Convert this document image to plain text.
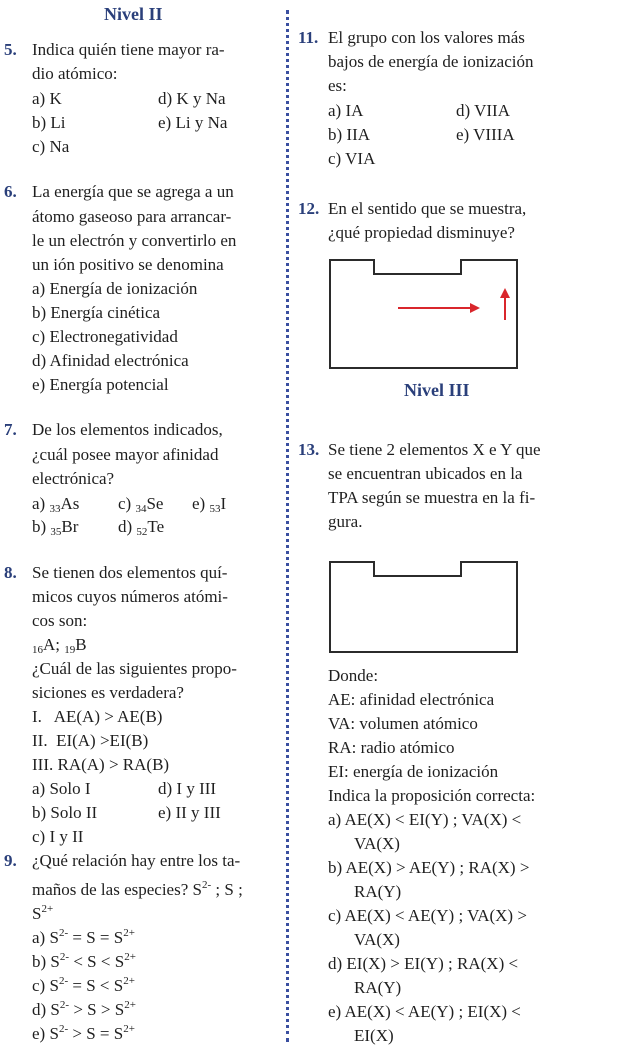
Nivel II
5. Indica quién tiene mayor ra-
dio atómico:
a) K	d) K y Na
b) Li	e) Li y Na
c) Na
6. La energía que se agrega a un
átomo gaseoso para arrancar-
le un electrón y convertirlo en
un ión positivo se denomina
a) Energía de ionización
b) Energía cinética
c) Electronegatividad
d) Afinidad electrónica
e) Energía potencial
7. De los elementos indicados,
¿cuál posee mayor afinidad
electrónica?
a) $_{33}$As c) $_{34}$Se e) $_{53}$I
b) $_{35}$Br d) $_{52}$Te
8. Se tienen dos elementos quí-
micos cuyos números atómi-
cos son:
$_{16}$A; $_{19}$B
¿Cuál de las siguientes propo-
siciones es verdadera?
I.   AE(A) > AE(B)
II.  EI(A) >EI(B)
III. RA(A) > RA(B)
a) Solo I	d) I y III
b) Solo II	e) II y III
c) I y II
9. ¿Qué relación hay entre los ta-
maños de las especies? $S^{2-}$ ; S ;
$S^{2+}$
a) $S^{2-} = S = S^{2+}$
b) $S^{2-} < S < S^{2+}$
c) $S^{2-} = S < S^{2+}$
d) $S^{2-} > S > S^{2+}$
e) $S^{2-} > S = S^{2+}$
11. El grupo con los valores más
bajos de energía de ionización
es:
a) IA	d) VIIA
b) IIA	e) VIIIA
c) VIA
12. En el sentido que se muestra,
¿qué propiedad disminuye?
Nivel III
13. Se tiene 2 elementos X e Y que
se encuentran ubicados en la
TPA según se muestra en la fi-
gura.
Donde:
AE: afinidad electrónica
VA: volumen atómico
RA: radio atómico
EI: energía de ionización
Indica la proposición correcta:
a) AE(X) < EI(Y) ; VA(X) <
VA(X)
b) AE(X) > AE(Y) ; RA(X) >
RA(Y)
c) AE(X) < AE(Y) ; VA(X) >
VA(X)
d) EI(X) > EI(Y) ; RA(X) <
RA(Y)
e) AE(X) < AE(Y) ; EI(X) <
EI(X)
